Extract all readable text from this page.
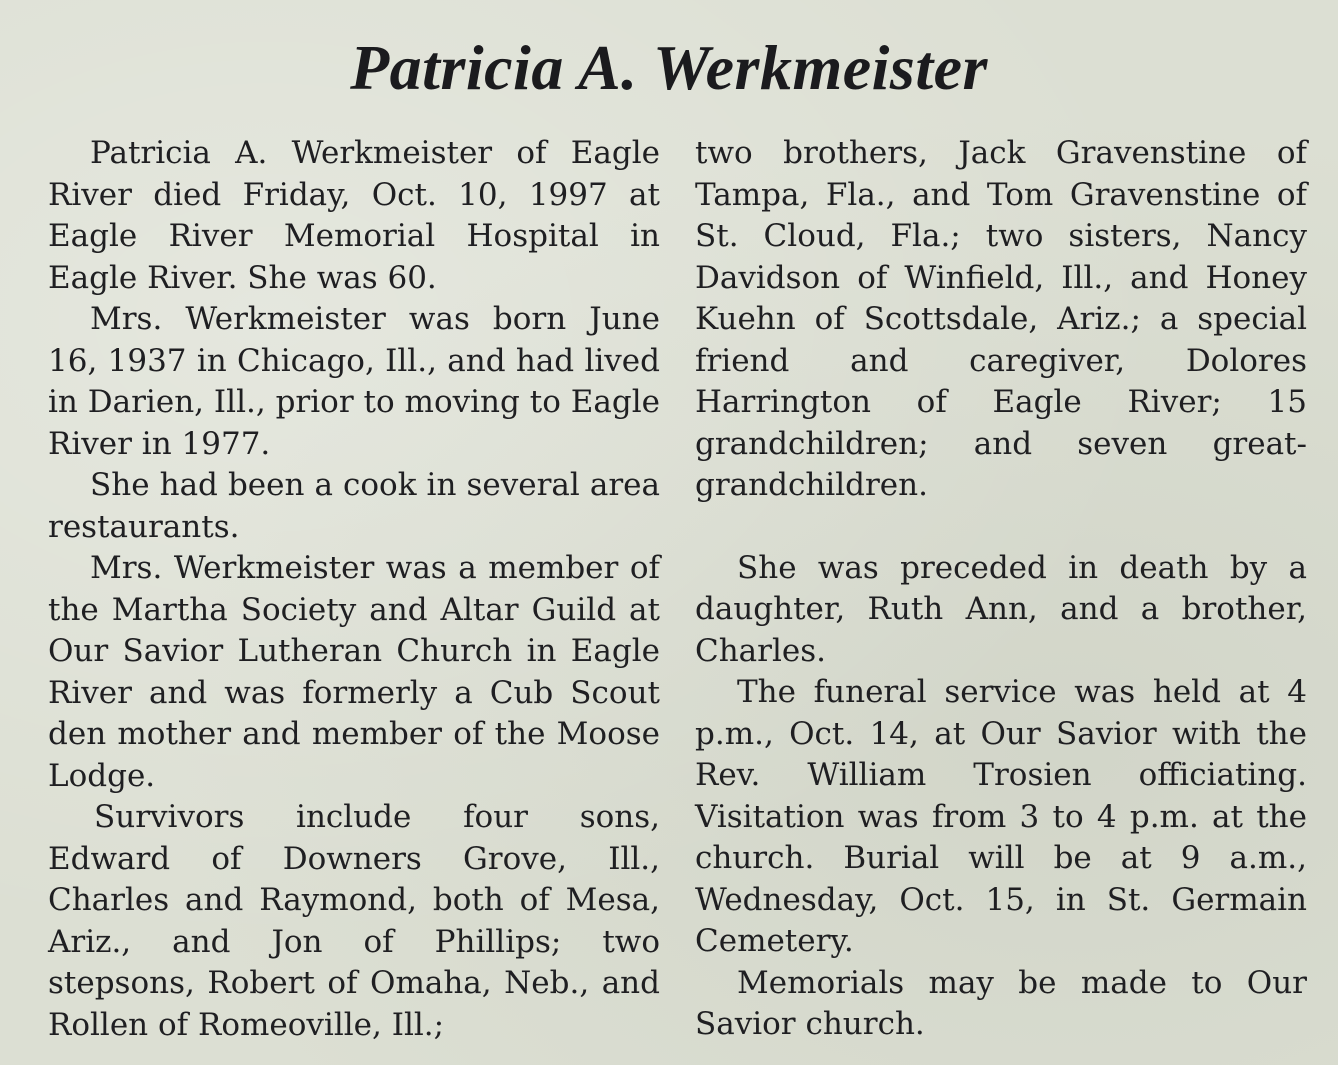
Patricia A. Werkmeister

Patricia A. Werkmeister of Eagle River died Friday, Oct. 10, 1997 at Eagle River Memorial Hospital in Eagle River. She was 60.

Mrs. Werkmeister was born June 16, 1937 in Chicago, Ill., and had lived in Darien, Ill., prior to moving to Eagle River in 1977.

She had been a cook in several area restaurants.

Mrs. Werkmeister was a member of the Martha Society and Altar Guild at Our Savior Lutheran Church in Eagle River and was formerly a Cub Scout den mother and member of the Moose Lodge.

Survivors include four sons, Edward of Downers Grove, Ill., Charles and Raymond, both of Mesa, Ariz., and Jon of Phillips; two stepsons, Robert of Omaha, Neb., and Rollen of Romeoville, Ill.;

two brothers, Jack Gravenstine of Tampa, Fla., and Tom Gravenstine of St. Cloud, Fla.; two sisters, Nancy Davidson of Winfield, Ill., and Honey Kuehn of Scottsdale, Ariz.; a special friend and caregiver, Dolores Harrington of Eagle River; 15 grandchildren; and seven great-grandchildren.

She was preceded in death by a daughter, Ruth Ann, and a brother, Charles.

The funeral service was held at 4 p.m., Oct. 14, at Our Savior with the Rev. William Trosien officiating. Visitation was from 3 to 4 p.m. at the church. Burial will be at 9 a.m., Wednesday, Oct. 15, in St. Germain Cemetery.

Memorials may be made to Our Savior church.
